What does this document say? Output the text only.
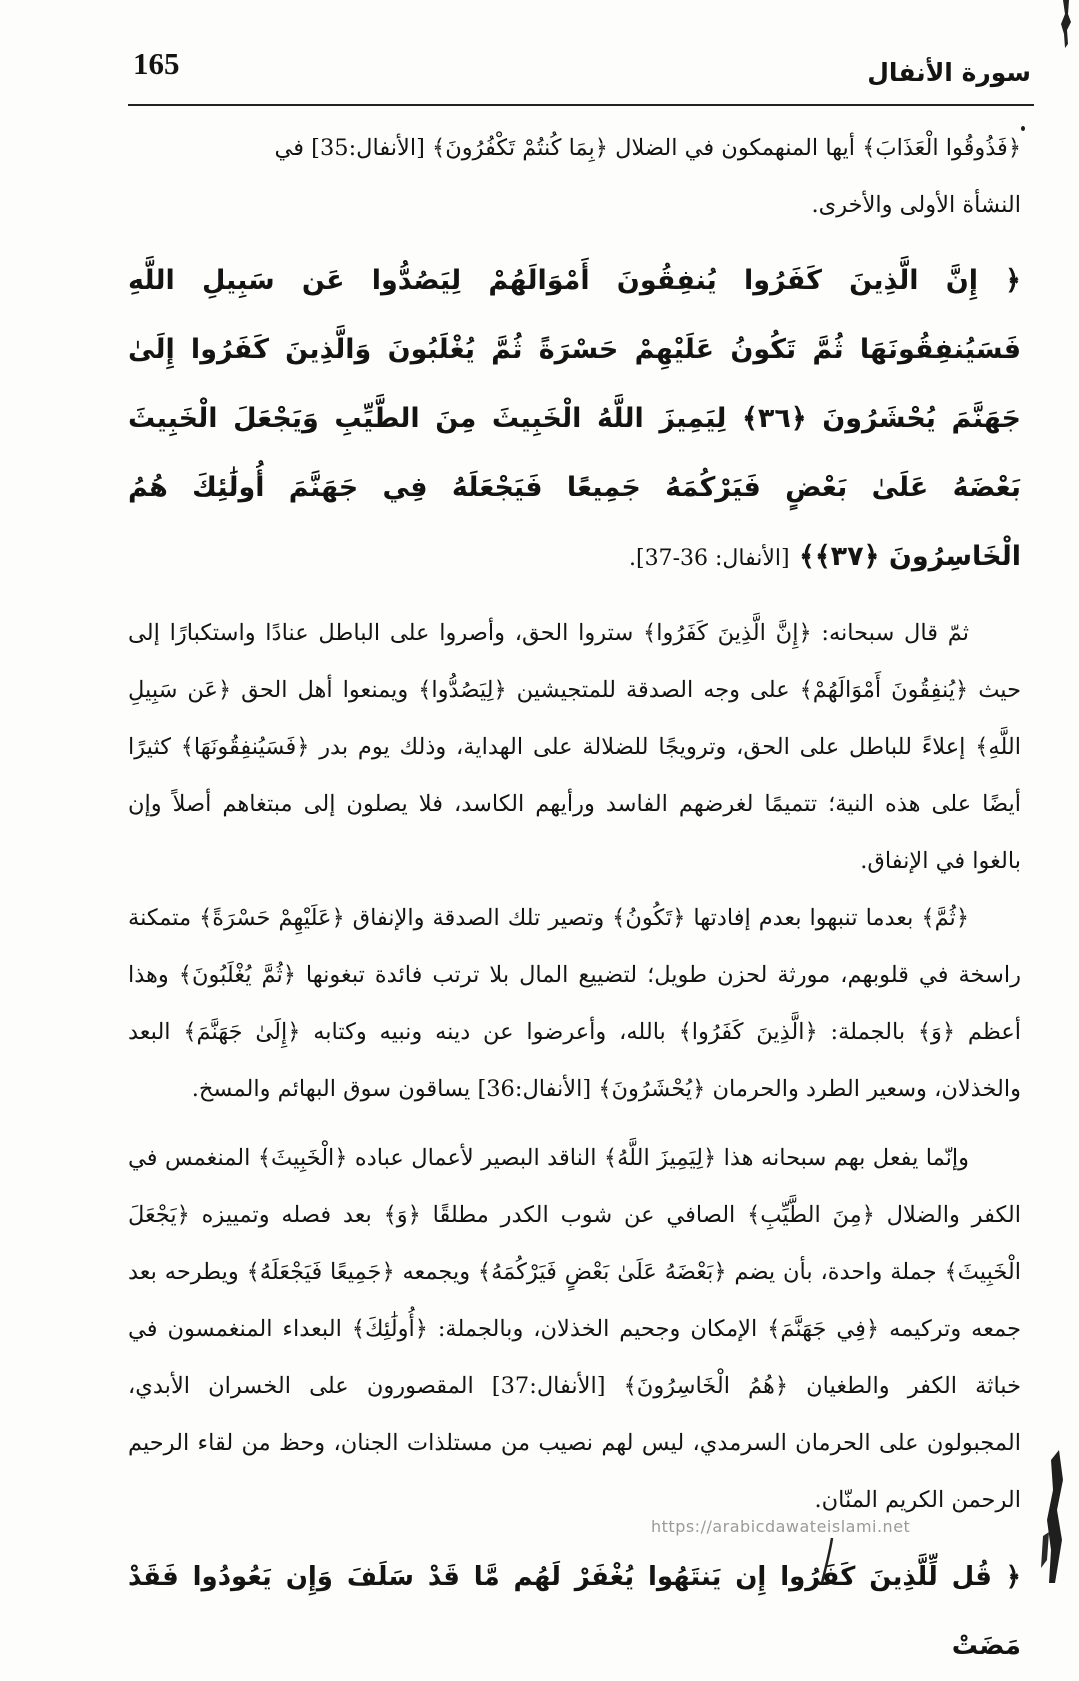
165	سورة الأنفال

﴿فَذُوقُوا الْعَذَابَ﴾ أيها المنهمكون في الضلال ﴿بِمَا كُنتُمْ تَكْفُرُونَ﴾ [الأنفال:35] في
النشأة الأولى والأخرى.

﴿ إِنَّ الَّذِينَ كَفَرُوا يُنفِقُونَ أَمْوَالَهُمْ لِيَصُدُّوا عَن سَبِيلِ اللَّهِ فَسَيُنفِقُونَهَا ثُمَّ تَكُونُ عَلَيْهِمْ حَسْرَةً ثُمَّ يُغْلَبُونَ وَالَّذِينَ كَفَرُوا إِلَىٰ جَهَنَّمَ يُحْشَرُونَ ﴿٣٦﴾ لِيَمِيزَ اللَّهُ الْخَبِيثَ مِنَ الطَّيِّبِ وَيَجْعَلَ الْخَبِيثَ بَعْضَهُ عَلَىٰ بَعْضٍ فَيَرْكُمَهُ جَمِيعًا فَيَجْعَلَهُ فِي جَهَنَّمَ أُولَٰئِكَ هُمُ الْخَاسِرُونَ ﴿٣٧﴾﴾ [الأنفال: 36-37].

ثمّ قال سبحانه: ﴿إِنَّ الَّذِينَ كَفَرُوا﴾ ستروا الحق، وأصروا على الباطل عنادًا واستكبارًا إلى حيث ﴿يُنفِقُونَ أَمْوَالَهُمْ﴾ على وجه الصدقة للمتجيشين ﴿لِيَصُدُّوا﴾ ويمنعوا أهل الحق ﴿عَن سَبِيلِ اللَّهِ﴾ إعلاءً للباطل على الحق، وترويجًا للضلالة على الهداية، وذلك يوم بدر ﴿فَسَيُنفِقُونَهَا﴾ كثيرًا أيضًا على هذه النية؛ تتميمًا لغرضهم الفاسد ورأيهم الكاسد، فلا يصلون إلى مبتغاهم أصلاً وإن بالغوا في الإنفاق.

﴿ثُمَّ﴾ بعدما تنبهوا بعدم إفادتها ﴿تَكُونُ﴾ وتصير تلك الصدقة والإنفاق ﴿عَلَيْهِمْ حَسْرَةً﴾ متمكنة راسخة في قلوبهم، مورثة لحزن طويل؛ لتضييع المال بلا ترتب فائدة تبغونها ﴿ثُمَّ يُغْلَبُونَ﴾ وهذا أعظم ﴿وَ﴾ بالجملة: ﴿الَّذِينَ كَفَرُوا﴾ بالله، وأعرضوا عن دينه ونبيه وكتابه ﴿إِلَىٰ جَهَنَّمَ﴾ البعد والخذلان، وسعير الطرد والحرمان ﴿يُحْشَرُونَ﴾ [الأنفال:36] يساقون سوق البهائم والمسخ.

وإنّما يفعل بهم سبحانه هذا ﴿لِيَمِيزَ اللَّهُ﴾ الناقد البصير لأعمال عباده ﴿الْخَبِيثَ﴾ المنغمس في الكفر والضلال ﴿مِنَ الطَّيِّبِ﴾ الصافي عن شوب الكدر مطلقًا ﴿وَ﴾ بعد فصله وتمييزه ﴿يَجْعَلَ الْخَبِيثَ﴾ جملة واحدة، بأن يضم ﴿بَعْضَهُ عَلَىٰ بَعْضٍ فَيَرْكُمَهُ﴾ ويجمعه ﴿جَمِيعًا فَيَجْعَلَهُ﴾ ويطرحه بعد جمعه وتركيمه ﴿فِي جَهَنَّمَ﴾ الإمكان وجحيم الخذلان، وبالجملة: ﴿أُولَٰئِكَ﴾ البعداء المنغمسون في خباثة الكفر والطغيان ﴿هُمُ الْخَاسِرُونَ﴾ [الأنفال:37] المقصورون على الخسران الأبدي، المجبولون على الحرمان السرمدي، ليس لهم نصيب من مستلذات الجنان، وحظ من لقاء الرحيم الرحمن الكريم المنّان.

﴿ قُل لِّلَّذِينَ كَفَرُوا إِن يَنتَهُوا يُغْفَرْ لَهُم مَّا قَدْ سَلَفَ وَإِن يَعُودُوا فَقَدْ مَضَتْ

https://arabicdawateislami.net
